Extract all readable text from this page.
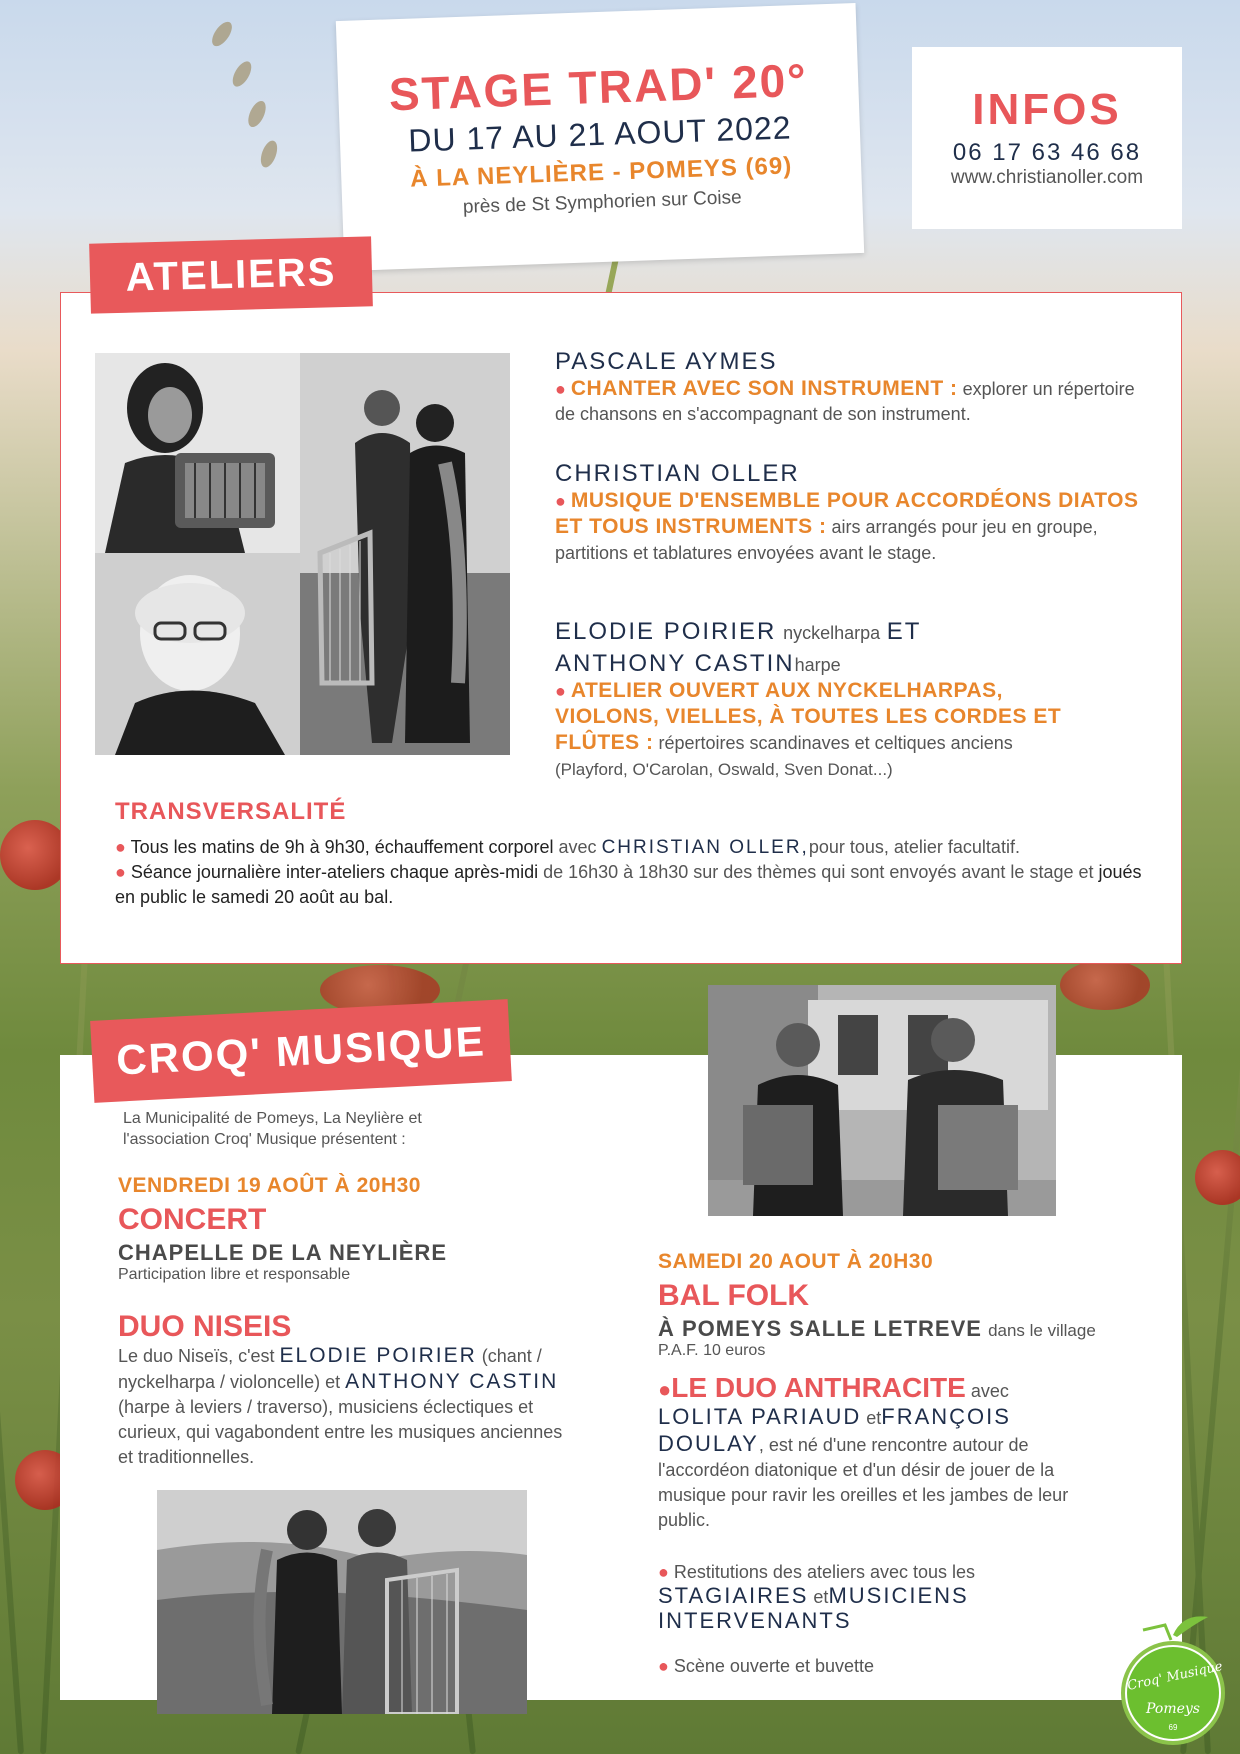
STAGE TRAD' 20°
DU 17 AU 21 AOUT 2022
À LA NEYLIÈRE - POMEYS (69)
près de St Symphorien sur Coise
INFOS
06 17 63 46 68
www.christianoller.com
ATELIERS
PASCALE AYMES
● CHANTER AVEC SON INSTRUMENT : explorer un répertoire de chansons en s'accompagnant de son instrument.
CHRISTIAN OLLER
● MUSIQUE D'ENSEMBLE POUR ACCORDÉONS DIATOS ET TOUS INSTRUMENTS : airs arrangés pour jeu en groupe, partitions et tablatures envoyées avant le stage.
ELODIE POIRIER nyckelharpa ET
ANTHONY CASTINharpe
● ATELIER OUVERT AUX NYCKELHARPAS, VIOLONS, VIELLES, À TOUTES LES CORDES ET FLÛTES : répertoires scandinaves et celtiques anciens
(Playford, O'Carolan, Oswald, Sven Donat...)
TRANSVERSALITÉ
● Tous les matins de 9h à 9h30, échauffement corporel avec CHRISTIAN OLLER,pour tous, atelier facultatif.
● Séance journalière inter-ateliers chaque après-midi de 16h30 à 18h30 sur des thèmes qui sont envoyés avant le stage et joués en public le samedi 20 août au bal.
CROQ' MUSIQUE
La Municipalité de Pomeys, La Neylière et l'association Croq' Musique présentent :
VENDREDI 19 AOÛT À 20H30
CONCERT
CHAPELLE DE LA NEYLIÈRE
Participation libre et responsable
DUO NISEIS
Le duo Niseïs, c'est ELODIE POIRIER (chant / nyckelharpa / violoncelle) et ANTHONY CASTIN (harpe à leviers / traverso), musiciens éclectiques et curieux, qui vagabondent entre les musiques anciennes et traditionnelles.
SAMEDI 20 AOUT À 20H30
BAL FOLK
À POMEYS SALLE LETREVE dans le village
P.A.F. 10 euros
●LE DUO ANTHRACITE avec
LOLITA PARIAUD etFRANÇOIS DOULAY, est né d'une rencontre autour de l'accordéon diatonique et d'un désir de jouer de la musique pour ravir les oreilles et les jambes de leur public.
● Restitutions des ateliers avec tous les
STAGIAIRES etMUSICIENS INTERVENANTS
● Scène ouverte et buvette	Croq' Musique
Pomeys
69
